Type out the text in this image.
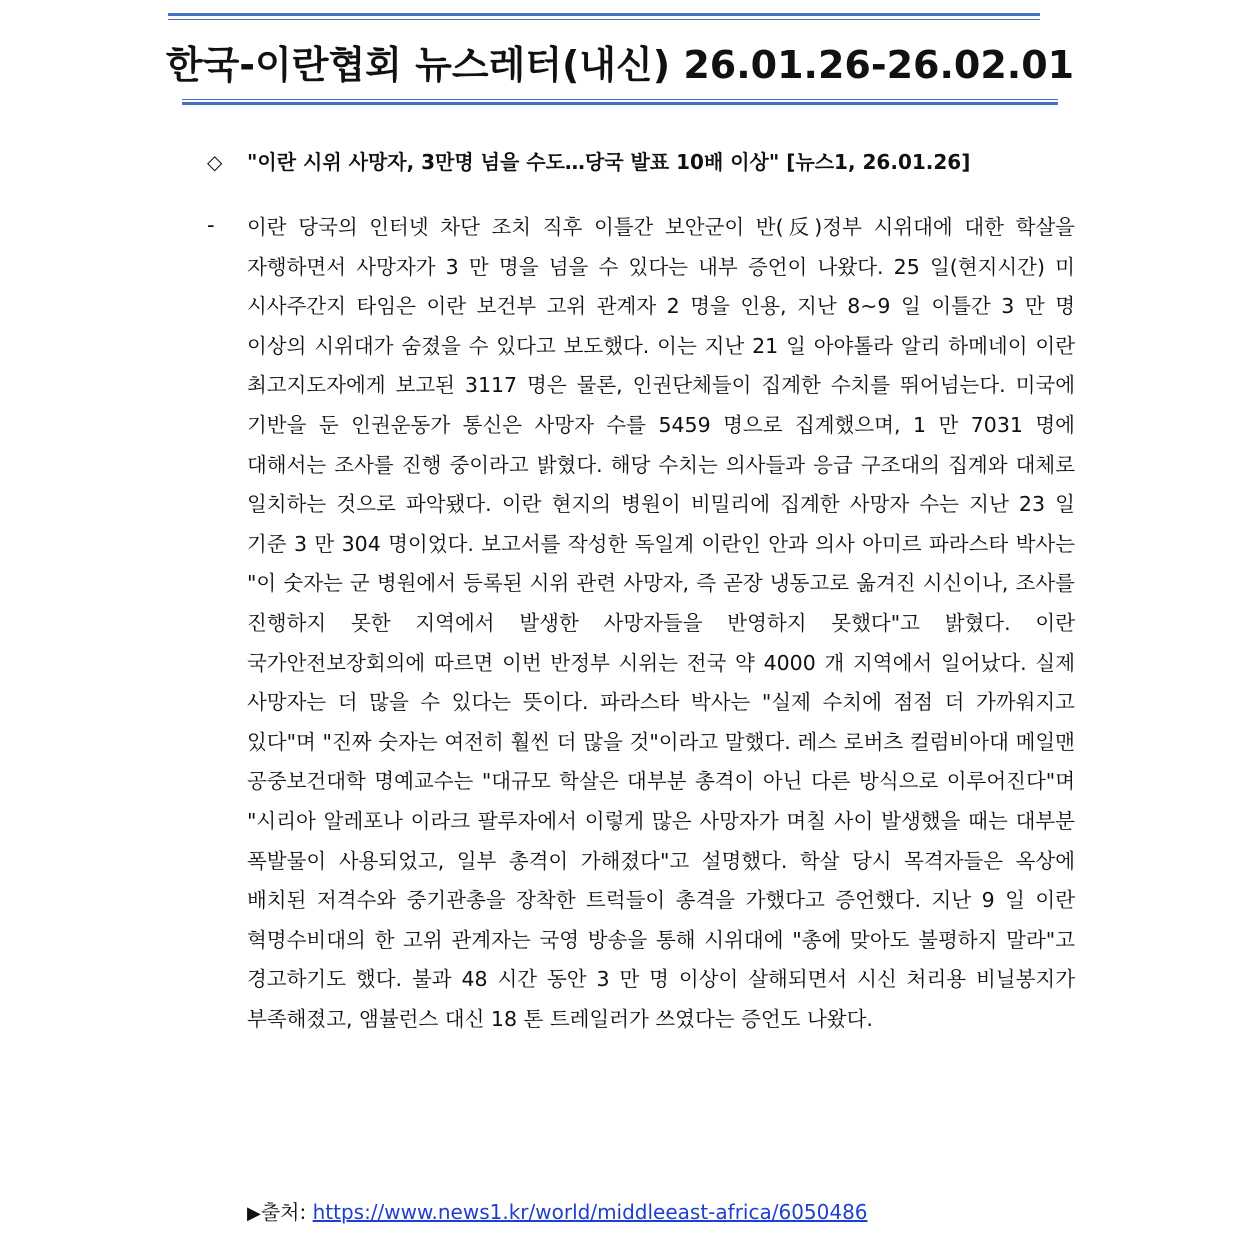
한국-이란협회 뉴스레터(내신) 26.01.26-26.02.01
◇ "이란 시위 사망자, 3만명 넘을 수도…당국 발표 10배 이상" [뉴스1, 26.01.26]
- 이란 당국의 인터넷 차단 조치 직후 이틀간 보안군이 반(反)정부 시위대에 대한 학살을 자행하면서 사망자가 3 만 명을 넘을 수 있다는 내부 증언이 나왔다. 25 일(현지시간) 미 시사주간지 타임은 이란 보건부 고위 관계자 2 명을 인용, 지난 8~9 일 이틀간 3 만 명 이상의 시위대가 숨졌을 수 있다고 보도했다. 이는 지난 21 일 아야톨라 알리 하메네이 이란 최고지도자에게 보고된 3117 명은 물론, 인권단체들이 집계한 수치를 뛰어넘는다. 미국에 기반을 둔 인권운동가 통신은 사망자 수를 5459 명으로 집계했으며, 1 만 7031 명에 대해서는 조사를 진행 중이라고 밝혔다. 해당 수치는 의사들과 응급 구조대의 집계와 대체로 일치하는 것으로 파악됐다. 이란 현지의 병원이 비밀리에 집계한 사망자 수는 지난 23 일 기준 3 만 304 명이었다. 보고서를 작성한 독일계 이란인 안과 의사 아미르 파라스타 박사는 "이 숫자는 군 병원에서 등록된 시위 관련 사망자, 즉 곧장 냉동고로 옮겨진 시신이나, 조사를 진행하지 못한 지역에서 발생한 사망자들을 반영하지 못했다"고 밝혔다. 이란 국가안전보장회의에 따르면 이번 반정부 시위는 전국 약 4000 개 지역에서 일어났다. 실제 사망자는 더 많을 수 있다는 뜻이다. 파라스타 박사는 "실제 수치에 점점 더 가까워지고 있다"며 "진짜 숫자는 여전히 훨씬 더 많을 것"이라고 말했다. 레스 로버츠 컬럼비아대 메일맨 공중보건대학 명예교수는 "대규모 학살은 대부분 총격이 아닌 다른 방식으로 이루어진다"며 "시리아 알레포나 이라크 팔루자에서 이렇게 많은 사망자가 며칠 사이 발생했을 때는 대부분 폭발물이 사용되었고, 일부 총격이 가해졌다"고 설명했다. 학살 당시 목격자들은 옥상에 배치된 저격수와 중기관총을 장착한 트럭들이 총격을 가했다고 증언했다. 지난 9 일 이란 혁명수비대의 한 고위 관계자는 국영 방송을 통해 시위대에 "총에 맞아도 불평하지 말라"고 경고하기도 했다. 불과 48 시간 동안 3 만 명 이상이 살해되면서 시신 처리용 비닐봉지가 부족해졌고, 앰뷸런스 대신 18 톤 트레일러가 쓰였다는 증언도 나왔다.
▶출처: https://www.news1.kr/world/middleeast-africa/6050486
